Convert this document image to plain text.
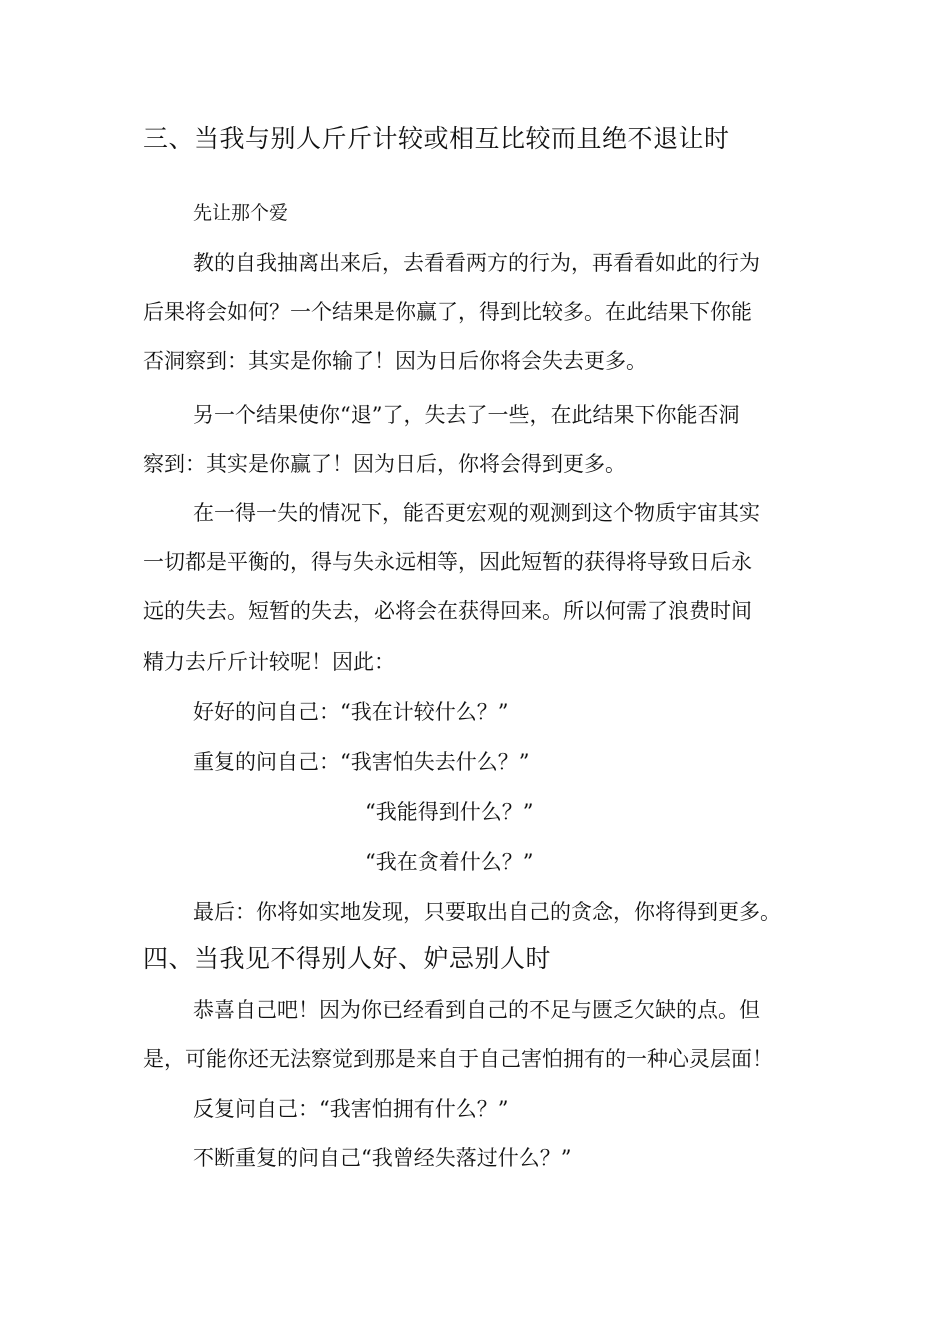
三、当我与别人斤斤计较或相互比较而且绝不退让时
先让那个爱
教的自我抽离出来后，去看看两方的行为，再看看如此的行为
后果将会如何？一个结果是你赢了，得到比较多。在此结果下你能
否洞察到：其实是你输了！因为日后你将会失去更多。
另一个结果使你“退”了，失去了一些，在此结果下你能否洞
察到：其实是你赢了！因为日后，你将会得到更多。
在一得一失的情况下，能否更宏观的观测到这个物质宇宙其实
一切都是平衡的，得与失永远相等，因此短暂的获得将导致日后永
远的失去。短暂的失去，必将会在获得回来。所以何需了浪费时间
精力去斤斤计较呢！因此：
好好的问自己：“我在计较什么？”
重复的问自己：“我害怕失去什么？”
“我能得到什么？”
“我在贪着什么？”
最后：你将如实地发现，只要取出自己的贪念，你将得到更多。
四、当我见不得别人好、妒忌别人时
恭喜自己吧！因为你已经看到自己的不足与匮乏欠缺的点。但
是，可能你还无法察觉到那是来自于自己害怕拥有的一种心灵层面！
反复问自己：“我害怕拥有什么？”
不断重复的问自己“我曾经失落过什么？”
